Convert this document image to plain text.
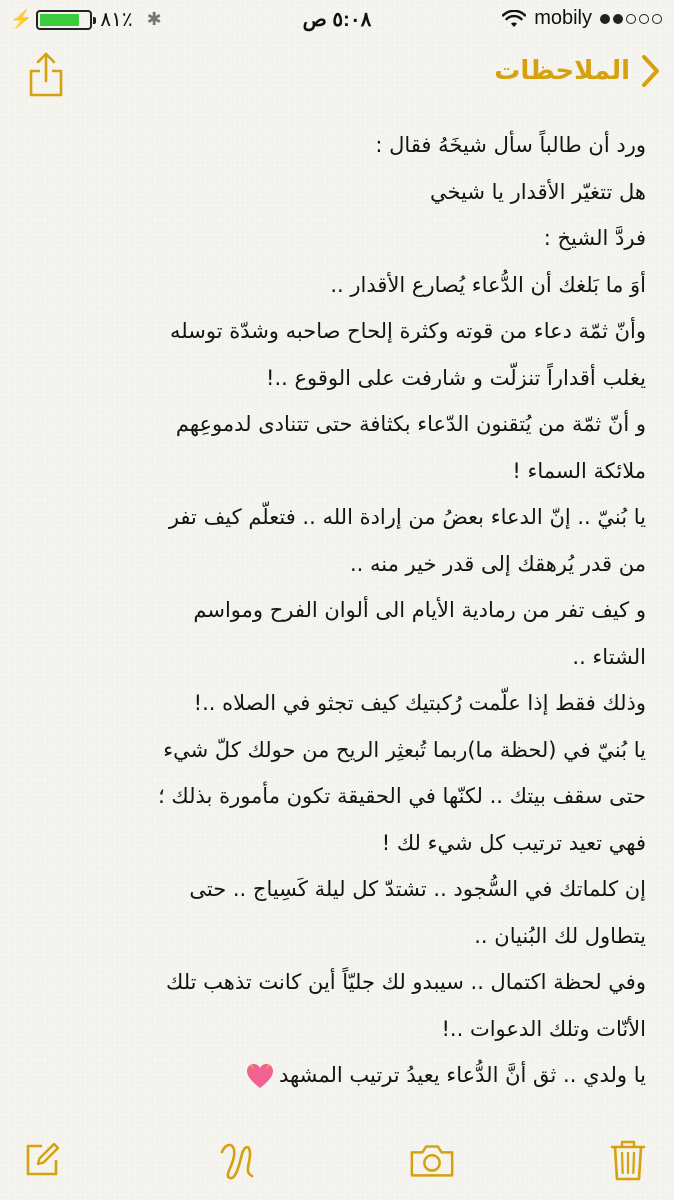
⚡	٨١٪ ✱	٥:٠٨ ص	mobily
الملاحظات
ورد أن طالباً سأل شيخَهُ فقال :
هل تتغيّر الأقدار يا شيخي
فردَّ الشيخ :
أوَ ما بَلغك أن الدُّعاء يُصارع الأقدار ..
وأنّ ثمّة دعاء من قوته وكثرة إلحاح صاحبه وشدّة توسله
يغلب أقداراً تنزلّت و شارفت على الوقوع ..!
و أنّ ثمّة من يُتقنون الدّعاء بكثافة حتى تتنادى لدموعِهم
ملائكة السماء !
يا بُنيّ .. إنّ الدعاء بعضُ من إرادة الله .. فتعلّم كيف تفر
من قدر يُرهقك إلى قدر خير منه ..
و كيف تفر من رمادية الأيام الى ألوان الفرح ومواسم
الشتاء ..
وذلك فقط إذا علّمت رُكبتيك كيف تجثو في الصلاه ..!
يا بُنيّ في (لحظة ما)ربما تُبعثِر الريح من حولك كلّ شيء
حتى سقف بيتك .. لكنّها في الحقيقة تكون مأمورة بذلك ؛
فهي تعيد ترتيب كل شيء لك !
إن كلماتك في السُّجود .. تشتدّ كل ليلة كَسِياج .. حتى
يتطاول لك البُنيان ..
وفي لحظة اكتمال .. سيبدو لك جليّاً أين كانت تذهب تلك
الأنّات وتلك الدعوات ..!
يا ولدي .. ثق أنَّ الدُّعاء يعيدُ ترتيب المشهد
